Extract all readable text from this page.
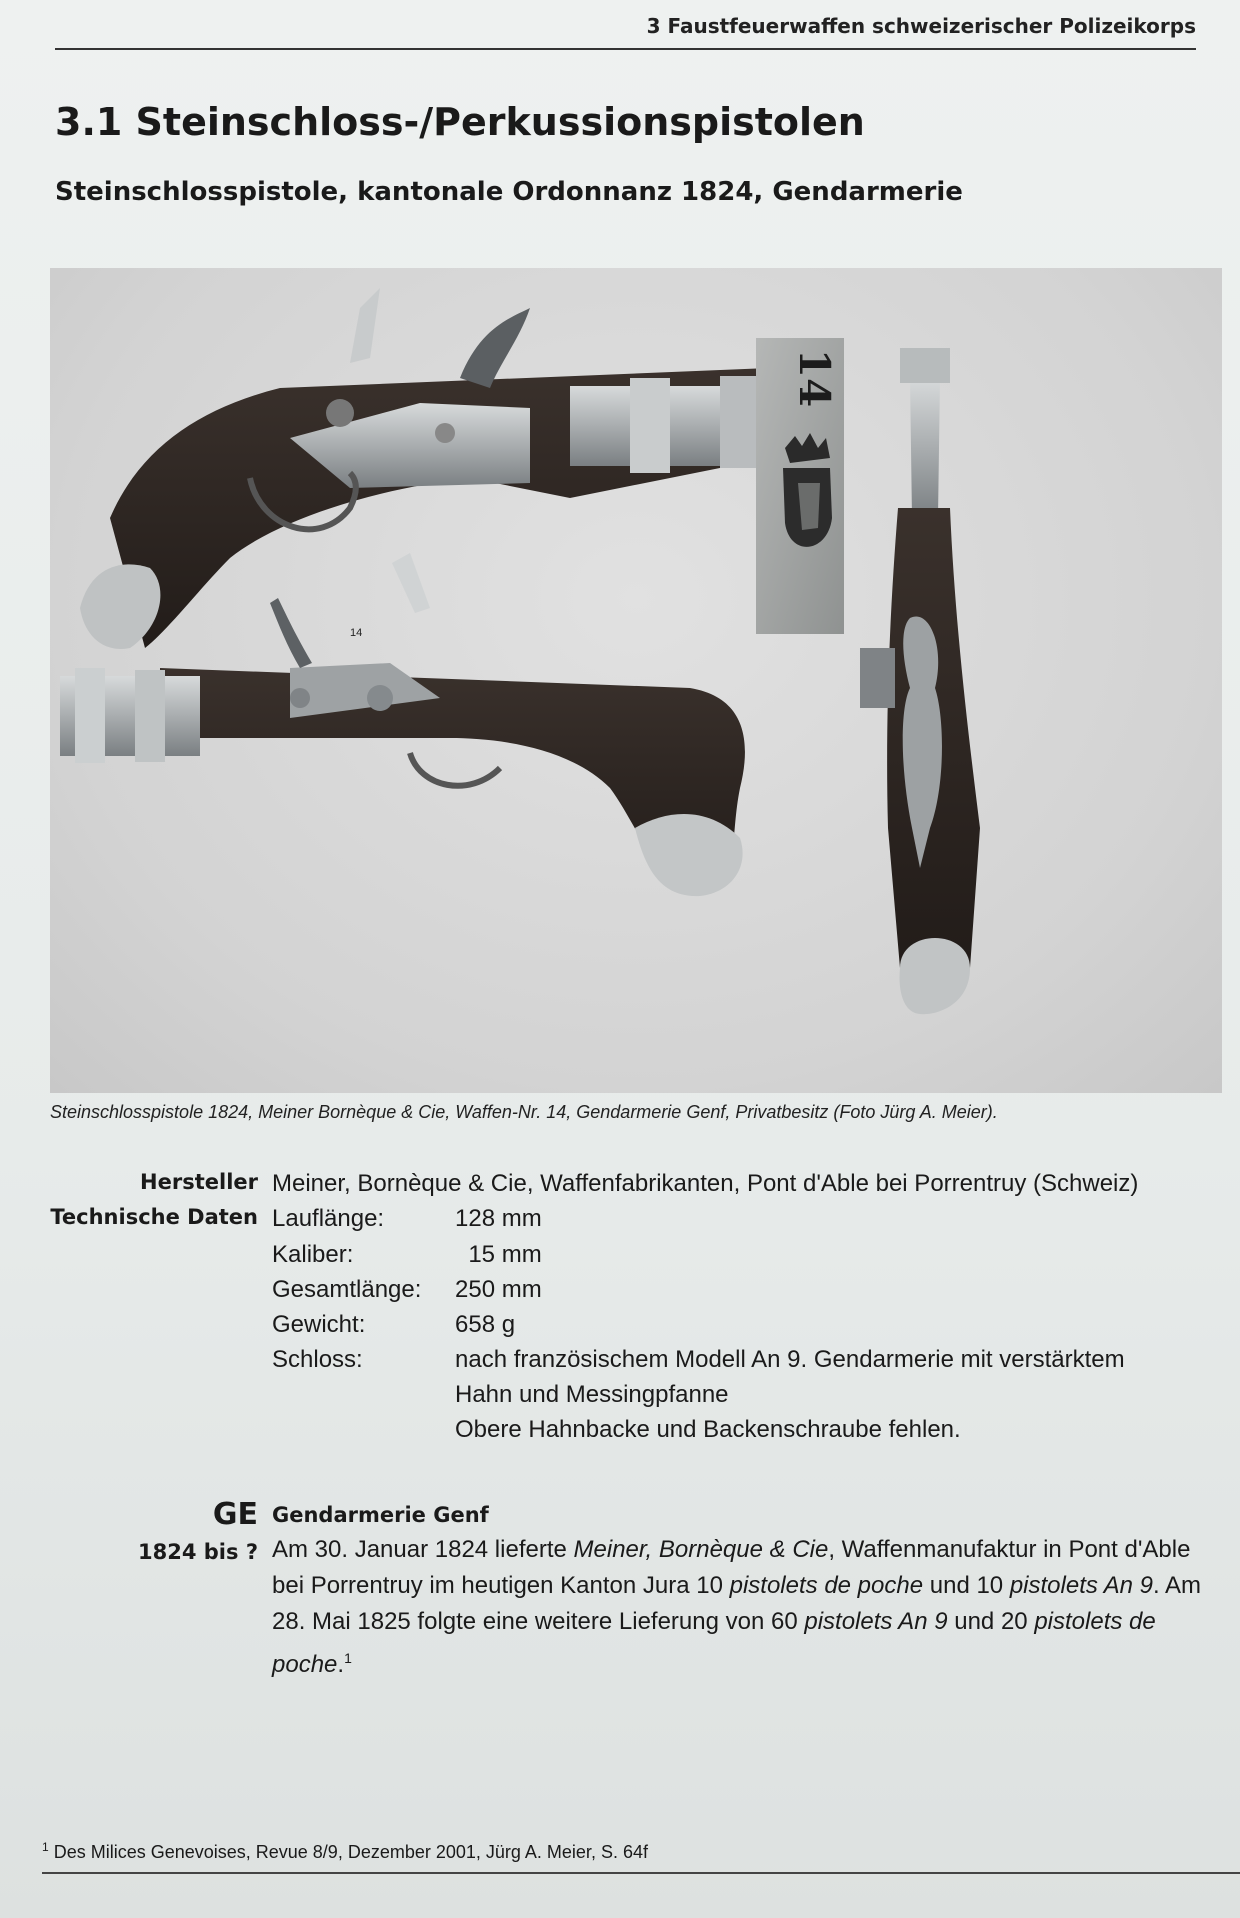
3 Faustfeuerwaffen schweizerischer Polizeikorps
3.1 Steinschloss-/Perkussionspistolen
Steinschlosspistole, kantonale Ordonnanz 1824, Gendarmerie
14
14
Steinschlosspistole 1824, Meiner Bornèque & Cie, Waffen-Nr. 14, Gendarmerie Genf, Privatbesitz (Foto Jürg A. Meier).
Hersteller Meiner, Bornèque & Cie, Waffenfabrikanten, Pont d'Able bei Porrentruy (Schweiz)
Technische Daten Lauflänge:	128 mm
Kaliber:	15 mm
Gesamtlänge: 250 mm
Gewicht:	658 g
Schloss:	nach französischem Modell An 9. Gendarmerie mit verstärktem
Hahn und Messingpfanne
Obere Hahnbacke und Backenschraube fehlen.
GE Gendarmerie Genf
1824 bis ? Am 30. Januar 1824 lieferte Meiner, Bornèque & Cie, Waffenmanufaktur in Pont d'Able bei Porrentruy im heutigen Kanton Jura 10 pistolets de poche und 10 pistolets An 9. Am 28. Mai 1825 folgte eine weitere Lieferung von 60 pistolets An 9 und 20 pistolets de poche.$^1$
$^1$ Des Milices Genevoises, Revue 8/9, Dezember 2001, Jürg A. Meier, S. 64f
